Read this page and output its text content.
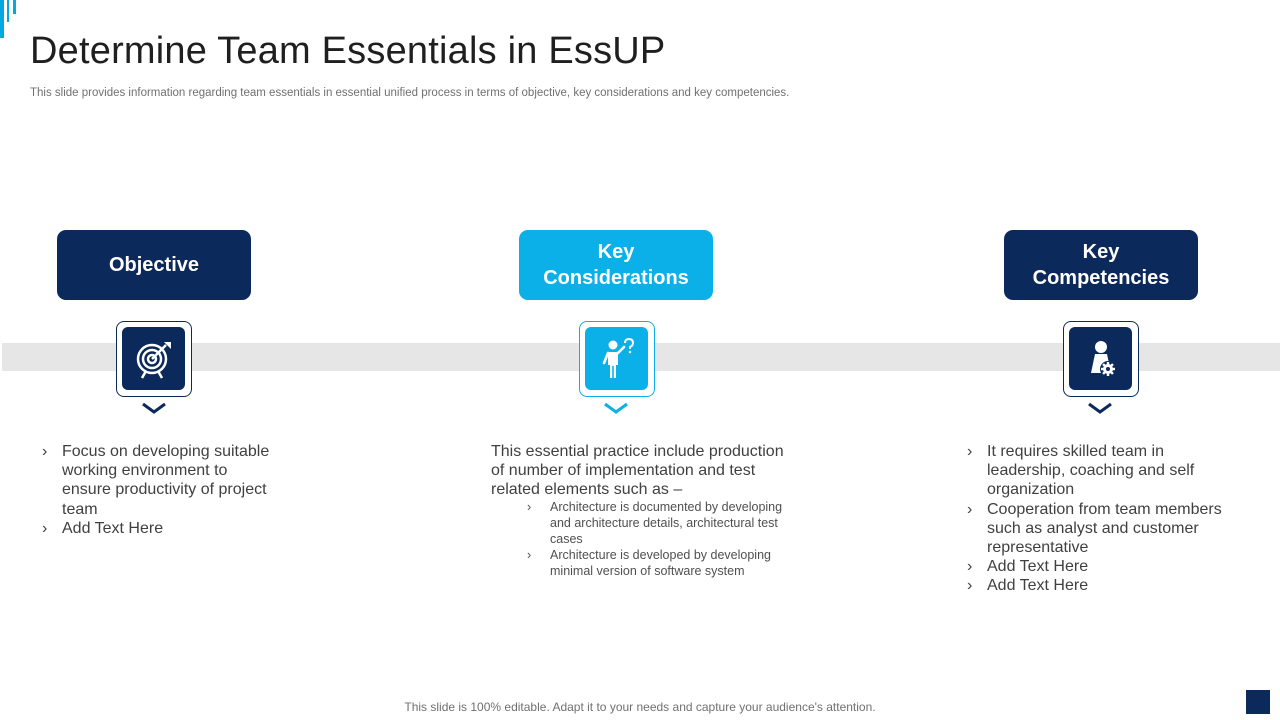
Determine Team Essentials in EssUP

This slide provides information regarding team essentials in essential unified process in terms of objective, key considerations and key competencies.

Objective
› Focus on developing suitable working environment to ensure productivity of project team
› Add Text Here
Key
Considerations

This essential practice include production of number of implementation and test related elements such as –

› Architecture is documented by developing and architecture details, architectural test cases
› Architecture is developed by developing minimal version of software system
Key
Competencies
› It requires skilled team in leadership, coaching and self organization
› Cooperation from team members such as analyst and customer representative
› Add Text Here
› Add Text Here

This slide is 100% editable. Adapt it to your needs and capture your audience's attention.
